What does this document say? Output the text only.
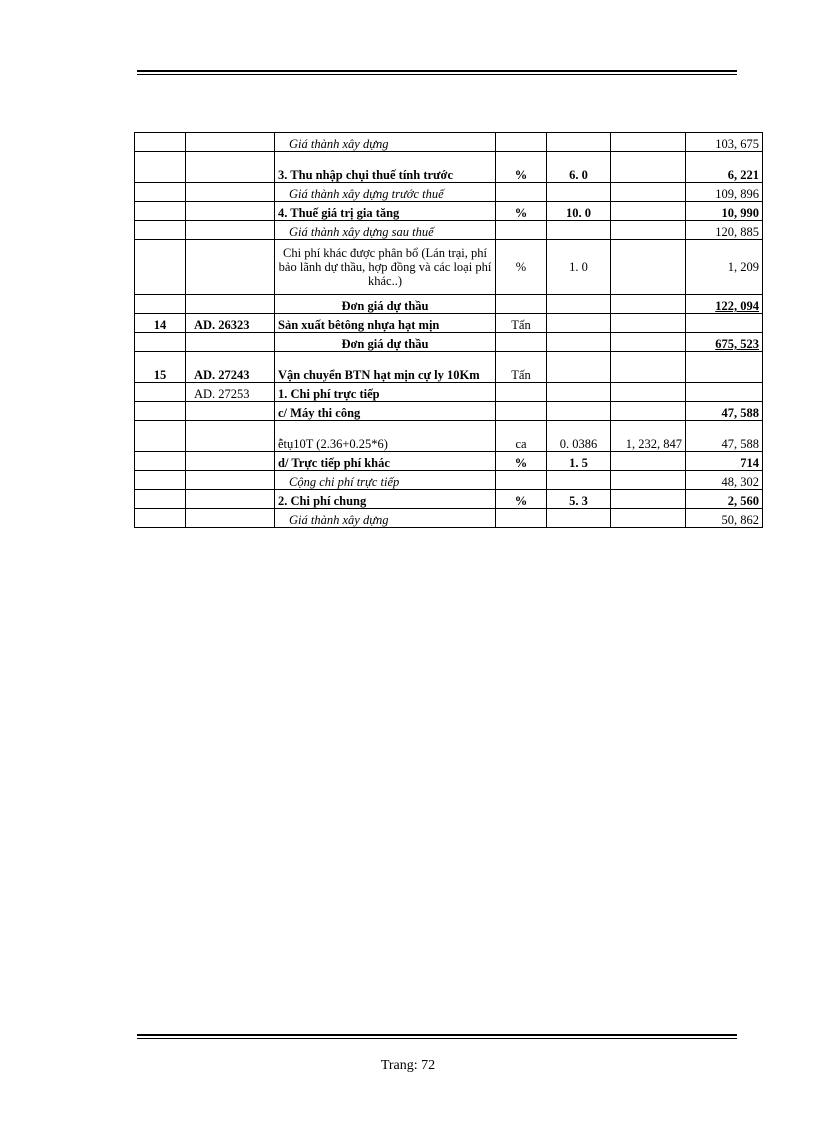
		Giá thành xây dựng				103, 675
		3. Thu nhập chụi thuế tính trước	%	6. 0		6, 221
		Giá thành xây dựng trước thuế				109, 896
		4. Thuế giá trị gia tăng	%	10. 0		10, 990
		Giá thành xây dựng sau thuế				120, 885
		Chi phí khác được phân bổ (Lán trại, phí bảo lãnh dự thầu, hợp đồng và các loại phí khác..)	%	1. 0		1, 209
		Đơn giá dự thầu				122, 094
14	AD. 26323	Sản xuất bêtông nhựa hạt mịn	Tấn			
		Đơn giá dự thầu				675, 523
15	AD. 27243	Vận chuyển BTN hạt mịn cự ly 10Km	Tấn			
	AD. 27253	1. Chi phí trực tiếp				
		c/ Máy thi công				47, 588
		ễtụ10T (2.36+0.25*6)	ca	0. 0386	1, 232, 847	47, 588
		d/ Trực tiếp phí khác	%	1. 5		714
		Cộng chi phí trực tiếp				48, 302
		2. Chi phí chung	%	5. 3		2, 560
		Giá thành xây dựng				50, 862
Trang: 72
